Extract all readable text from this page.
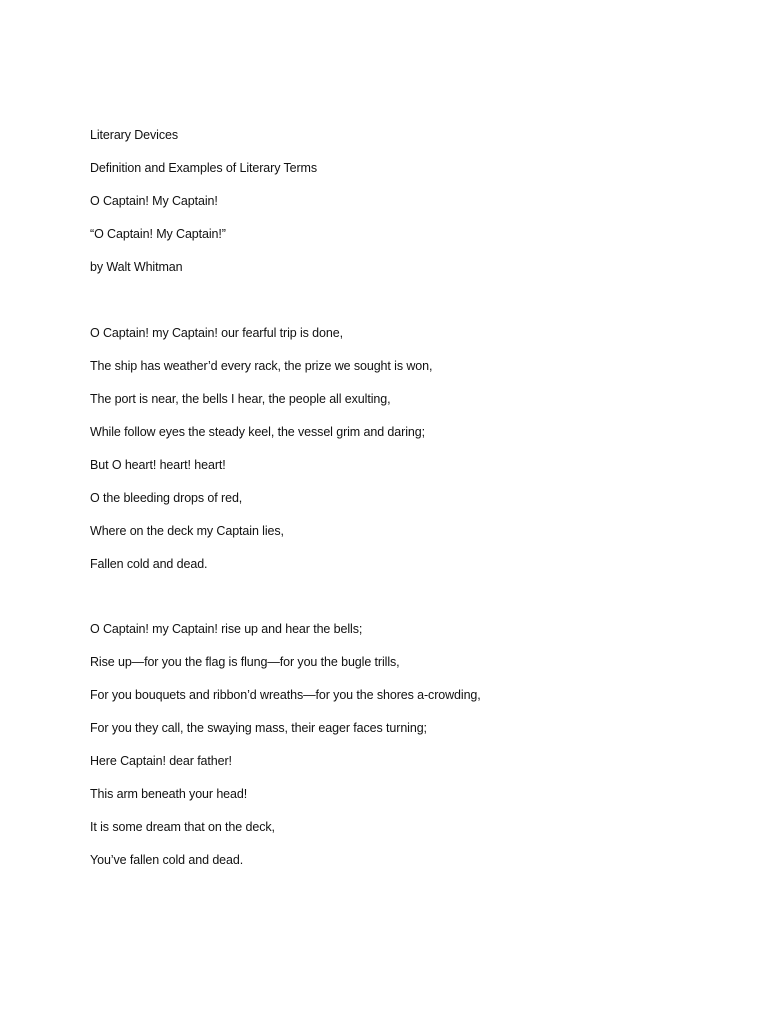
Literary Devices

Definition and Examples of Literary Terms

O Captain! My Captain!

“O Captain! My Captain!”

by Walt Whitman

O Captain! my Captain! our fearful trip is done,

The ship has weather’d every rack, the prize we sought is won,

The port is near, the bells I hear, the people all exulting,

While follow eyes the steady keel, the vessel grim and daring;

But O heart! heart! heart!

O the bleeding drops of red,

Where on the deck my Captain lies,

Fallen cold and dead.

O Captain! my Captain! rise up and hear the bells;

Rise up—for you the flag is flung—for you the bugle trills,

For you bouquets and ribbon’d wreaths—for you the shores a-crowding,

For you they call, the swaying mass, their eager faces turning;

Here Captain! dear father!

This arm beneath your head!

It is some dream that on the deck,

You’ve fallen cold and dead.
